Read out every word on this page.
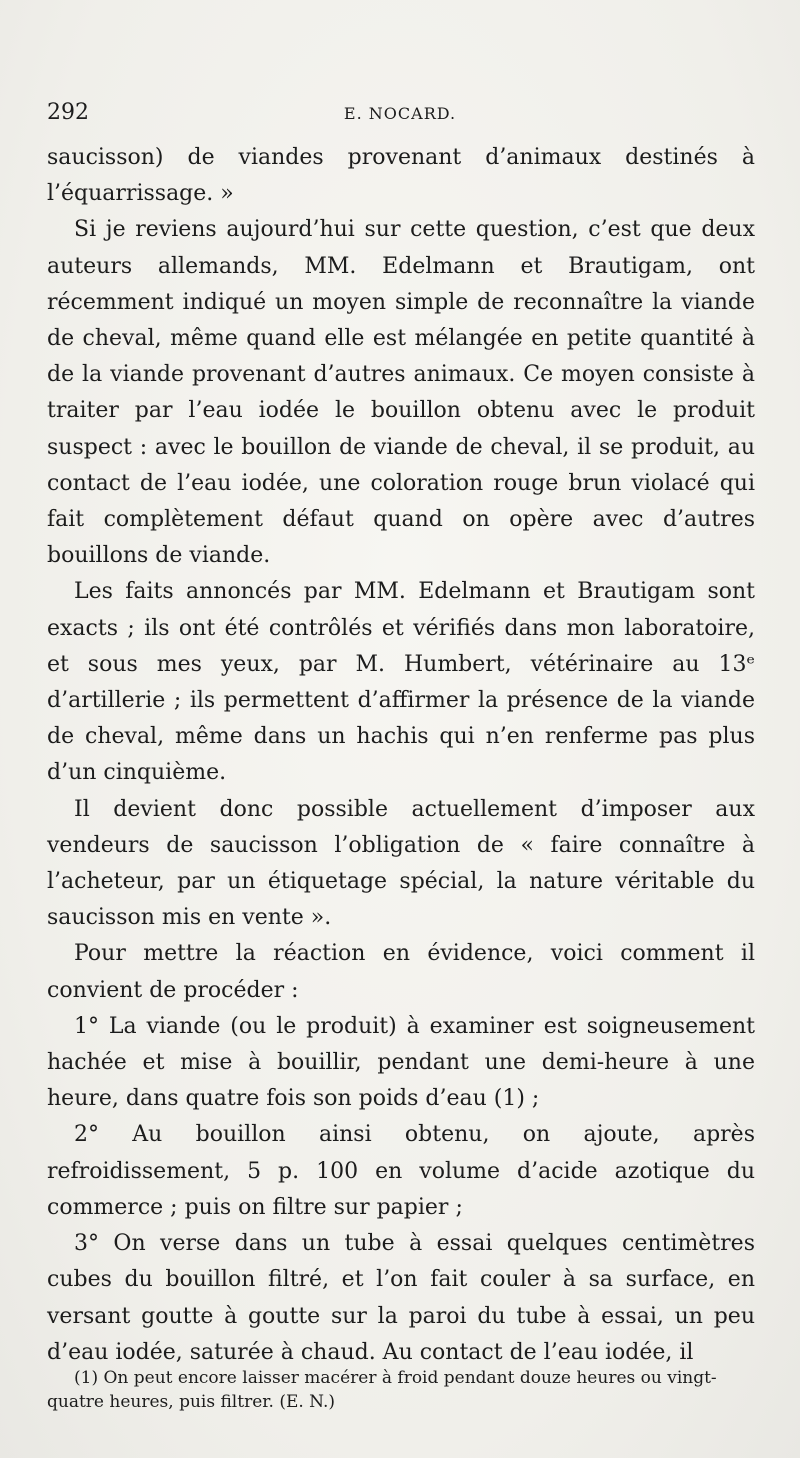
292	E. NOCARD.

saucisson) de viandes provenant d’animaux destinés à l’équarrissage. »

Si je reviens aujourd’hui sur cette question, c’est que deux auteurs allemands, MM. Edelmann et Brautigam, ont récemment indiqué un moyen simple de reconnaître la viande de cheval, même quand elle est mélangée en petite quantité à de la viande provenant d’autres animaux. Ce moyen consiste à traiter par l’eau iodée le bouillon obtenu avec le produit suspect : avec le bouillon de viande de cheval, il se produit, au contact de l’eau iodée, une coloration rouge brun violacé qui fait complètement défaut quand on opère avec d’autres bouillons de viande.

Les faits annoncés par MM. Edelmann et Brautigam sont exacts ; ils ont été contrôlés et vérifiés dans mon laboratoire, et sous mes yeux, par M. Humbert, vétérinaire au 13ᵉ d’artillerie ; ils permettent d’affirmer la présence de la viande de cheval, même dans un hachis qui n’en renferme pas plus d’un cinquième.

Il devient donc possible actuellement d’imposer aux vendeurs de saucisson l’obligation de « faire connaître à l’acheteur, par un étiquetage spécial, la nature véritable du saucisson mis en vente ».

Pour mettre la réaction en évidence, voici comment il convient de procéder :

1° La viande (ou le produit) à examiner est soigneusement hachée et mise à bouillir, pendant une demi-heure à une heure, dans quatre fois son poids d’eau (1) ;

2° Au bouillon ainsi obtenu, on ajoute, après refroidissement, 5 p. 100 en volume d’acide azotique du commerce ; puis on filtre sur papier ;

3° On verse dans un tube à essai quelques centimètres cubes du bouillon filtré, et l’on fait couler à sa surface, en versant goutte à goutte sur la paroi du tube à essai, un peu d’eau iodée, saturée à chaud. Au contact de l’eau iodée, il

(1) On peut encore laisser macérer à froid pendant douze heures ou vingt-quatre heures, puis filtrer. (E. N.)
